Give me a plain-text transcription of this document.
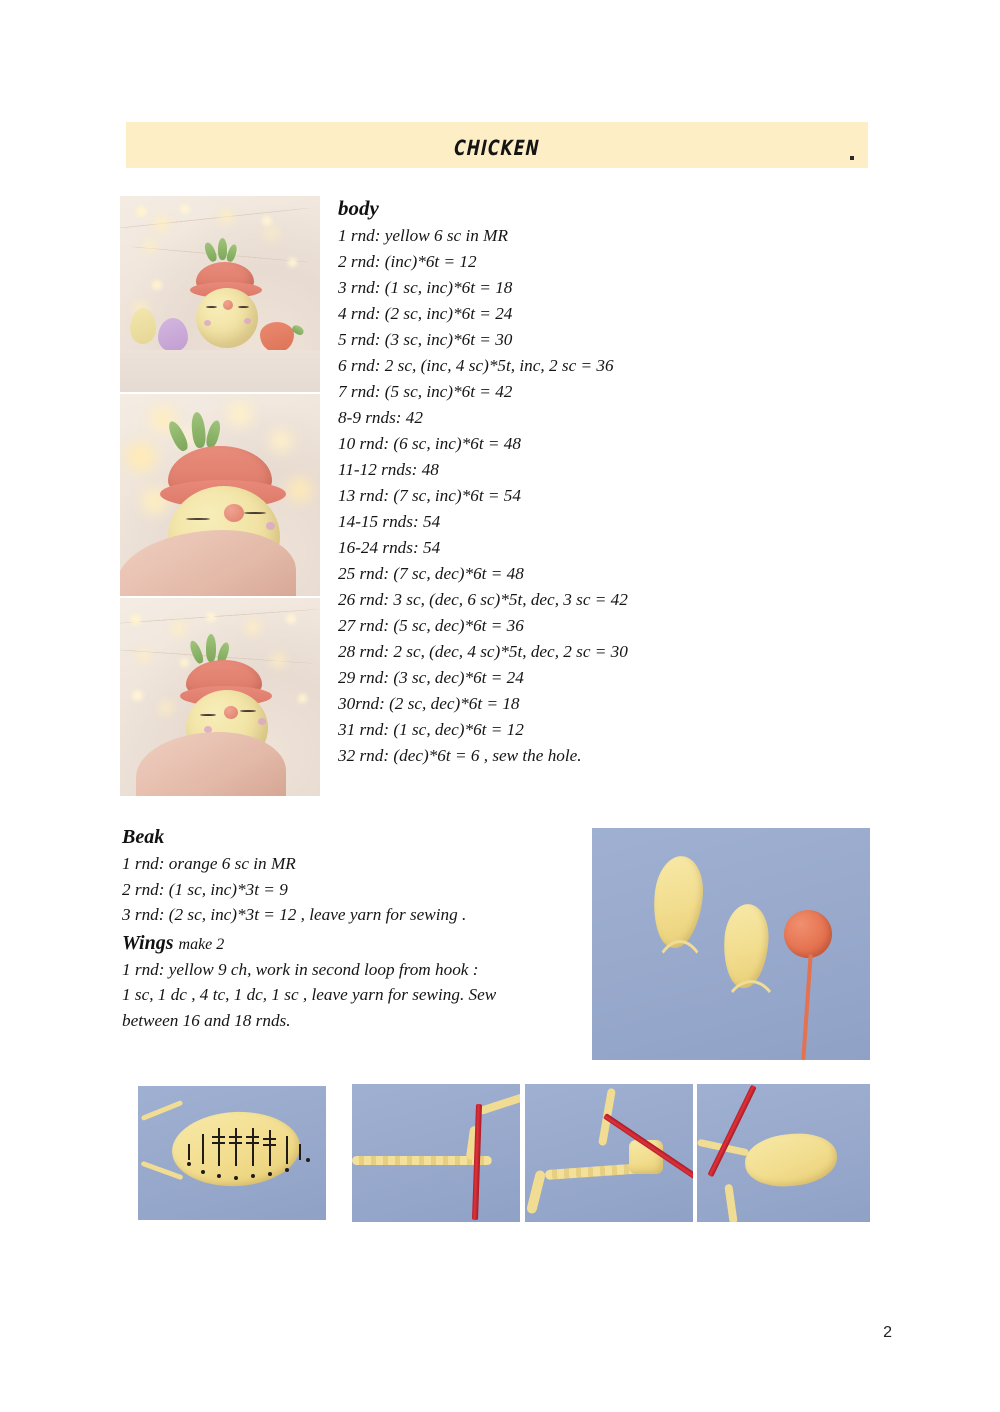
chicken
body
1 rnd: yellow 6 sc in MR
2 rnd: (inc)*6t = 12
3 rnd: (1 sc, inc)*6t = 18
4 rnd: (2 sc, inc)*6t = 24
5 rnd: (3 sc, inc)*6t = 30
6 rnd: 2 sc, (inc, 4 sc)*5t, inc, 2 sc = 36
7 rnd: (5 sc, inc)*6t = 42
8-9 rnds: 42
10 rnd: (6 sc, inc)*6t = 48
11-12 rnds: 48
13 rnd: (7 sc, inc)*6t = 54
14-15 rnds: 54
16-24 rnds: 54
25 rnd: (7 sc, dec)*6t = 48
26 rnd: 3 sc, (dec, 6 sc)*5t, dec, 3 sc = 42
27 rnd: (5 sc, dec)*6t = 36
28 rnd: 2 sc, (dec, 4 sc)*5t, dec, 2 sc = 30
29 rnd: (3 sc, dec)*6t = 24
30rnd: (2 sc, dec)*6t = 18
31 rnd: (1 sc, dec)*6t = 12
32 rnd: (dec)*6t = 6 , sew the hole.
Beak
1 rnd: orange 6 sc in MR
2 rnd: (1 sc, inc)*3t = 9
3 rnd: (2 sc, inc)*3t = 12 , leave yarn for sewing .
Wings make 2
1 rnd: yellow 9 ch, work in second loop from hook :
1 sc, 1 dc , 4 tc, 1 dc, 1 sc , leave yarn for sewing. Sew
between 16 and 18 rnds.
2
